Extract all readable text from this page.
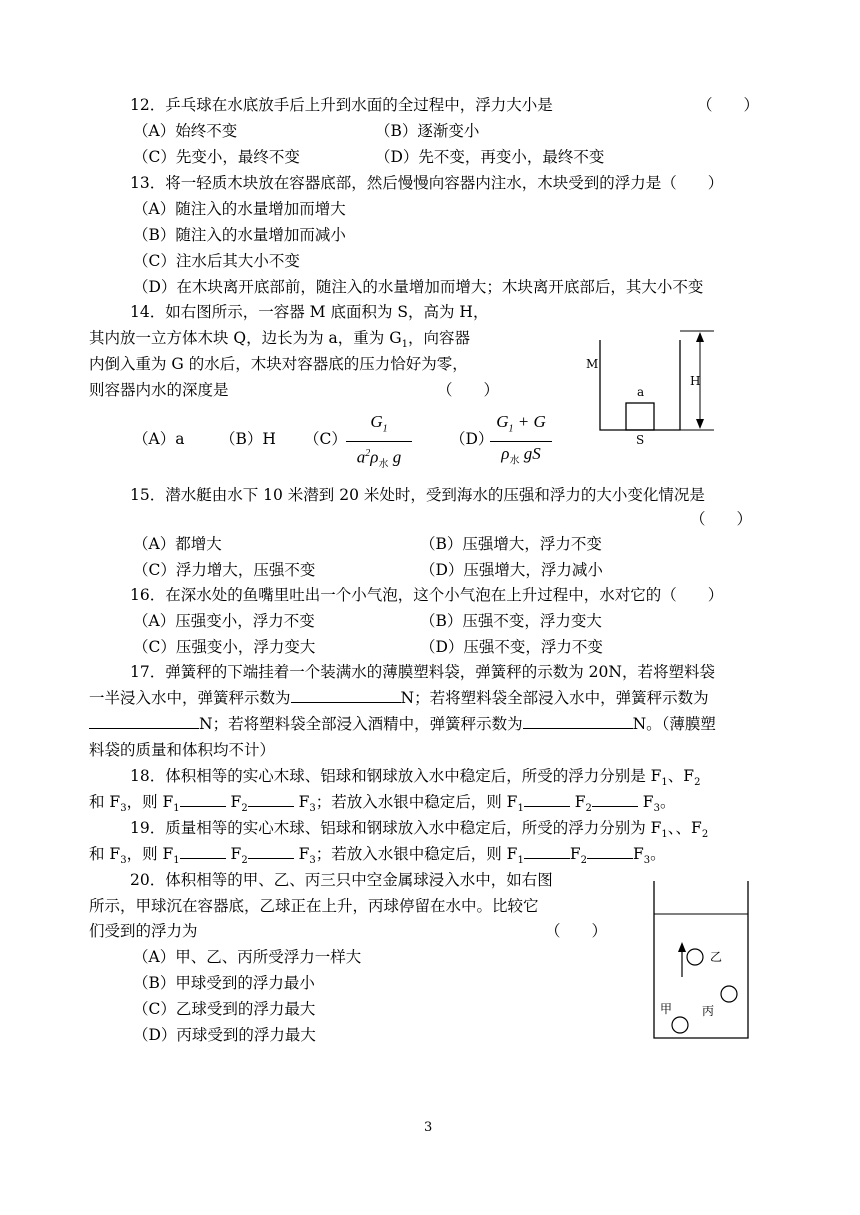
12．乒乓球在水底放手后上升到水面的全过程中，浮力大小是	（　　）
（A）始终不变	（B）逐渐变小
（C）先变小，最终不变	（D）先不变，再变小，最终不变
13．将一轻质木块放在容器底部，然后慢慢向容器内注水，木块受到的浮力是（　　）
（A）随注入的水量增加而增大
（B）随注入的水量增加而减小
（C）注水后其大小不变
（D）在木块离开底部前，随注入的水量增加而增大；木块离开底部后，其大小不变
14．如右图所示，一容器 M 底面积为 S，高为 H，
其内放一立方体木块 Q，边长为为 a，重为 $G_1$，向容器
内倒入重为 G 的水后，木块对容器底的压力恰好为零，
则容器内水的深度是	（　　）
（A）a （B）H （C）
$G_1$
$a^2\rho_水$ g
（D）
$G_1 + G$
$\rho_水$ gS
M
a
S
H
15．潜水艇由水下 10 米潜到 20 米处时，受到海水的压强和浮力的大小变化情况是
（　　）
（A）都增大	（B）压强增大，浮力不变
（C）浮力增大，压强不变	（D）压强增大，浮力减小
16．在深水处的鱼嘴里吐出一个小气泡，这个小气泡在上升过程中，水对它的（　　）
（A）压强变小，浮力不变	（B）压强不变，浮力变大
（C）压强变小，浮力变大	（D）压强不变，浮力不变
17．弹簧秤的下端挂着一个装满水的薄膜塑料袋，弹簧秤的示数为 20N，若将塑料袋
一半浸入水中，弹簧秤示数为	N；若将塑料袋全部浸入水中，弹簧秤示数为
N；若将塑料袋全部浸入酒精中，弹簧秤示数为	N。（薄膜塑
料袋的质量和体积均不计）
18．体积相等的实心木球、铝球和钢球放入水中稳定后，所受的浮力分别是 $F_1$、$F_2$
和 $F_3$，则 $F_1$	$F_2$	$F_3$；若放入水银中稳定后，则 $F_1$	$F_2$	$F_3$。
19．质量相等的实心木球、铝球和钢球放入水中稳定后，所受的浮力分别为 $F_1$、、$F_2$
和 $F_3$，则 $F_1$	$F_2$	$F_3$；若放入水银中稳定后，则 $F_1$	$F_2$	$F_3$。
20．体积相等的甲、乙、丙三只中空金属球浸入水中，如右图
所示，甲球沉在容器底，乙球正在上升，丙球停留在水中。比较它
们受到的浮力为	（　　）
（A）甲、乙、丙所受浮力一样大
（B）甲球受到的浮力最小
（C）乙球受到的浮力最大
（D）丙球受到的浮力最大
乙
丙
甲
3
